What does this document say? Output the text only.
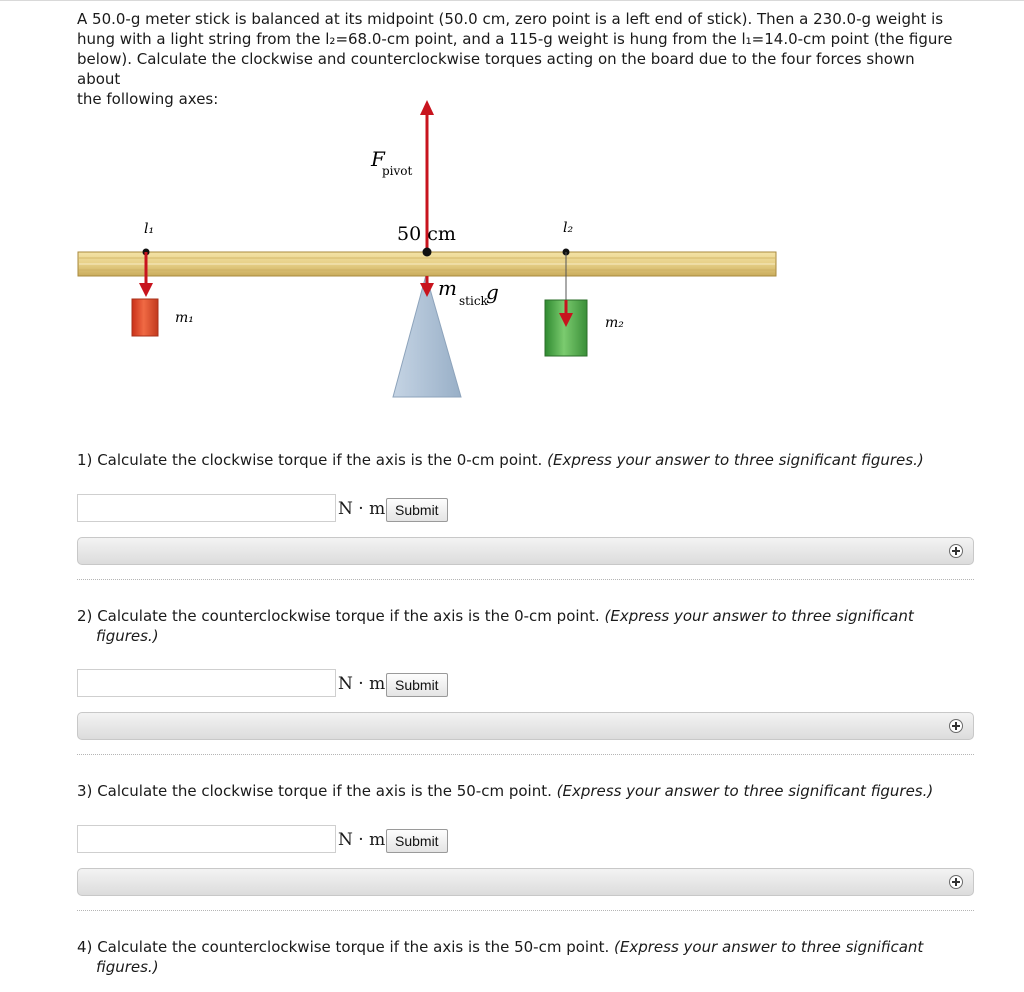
A 50.0-g meter stick is balanced at its midpoint (50.0 cm, zero point is a left end of stick). Then a 230.0-g weight is
hung with a light string from the l₂=68.0-cm point, and a 115-g weight is hung from the l₁=14.0-cm point (the figure
below). Calculate the clockwise and counterclockwise torques acting on the board due to the four forces shown about
the following axes:
F
pivot
50 cm
l₁	l₂
m₁	m₂
m
stick
g
1) Calculate the clockwise torque if the axis is the 0-cm point. (Express your answer to three significant figures.)
N · m Submit
2) Calculate the counterclockwise torque if the axis is the 0-cm point. (Express your answer to three significant figures.)
N · m Submit
3) Calculate the clockwise torque if the axis is the 50-cm point. (Express your answer to three significant figures.)
N · m Submit
4) Calculate the counterclockwise torque if the axis is the 50-cm point. (Express your answer to three significant figures.)
